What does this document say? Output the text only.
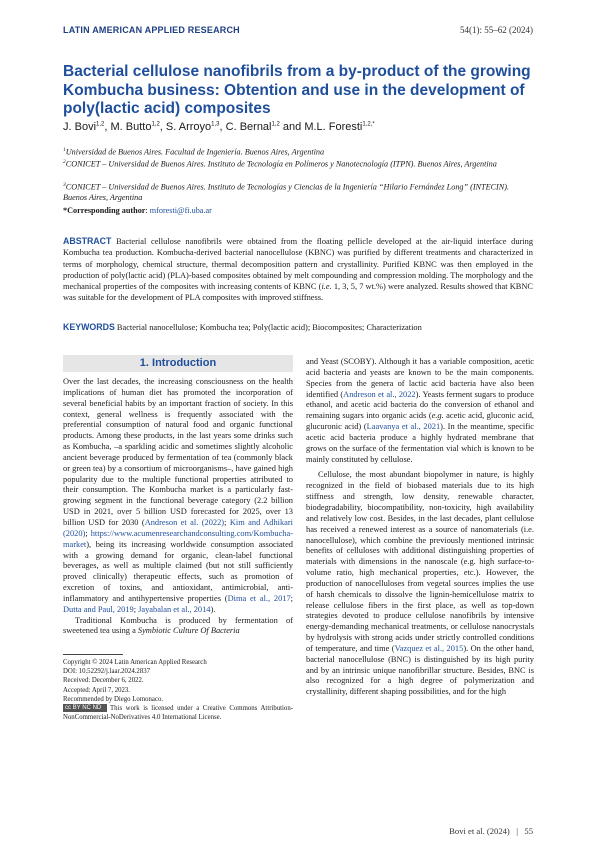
LATIN AMERICAN APPLIED RESEARCH	54(1): 55–62 (2024)
Bacterial cellulose nanofibrils from a by-product of the growing Kombucha business: Obtention and use in the development of poly(lactic acid) composites
J. Bovi$^{1,2}$, M. Butto$^{1,2}$, S. Arroyo$^{1,3}$, C. Bernal$^{1,2}$ and M.L. Foresti$^{1,2,*}$
$^1$Universidad de Buenos Aires. Facultad de Ingeniería. Buenos Aires, Argentina
$^2$CONICET – Universidad de Buenos Aires. Instituto de Tecnología en Polímeros y Nanotecnología (ITPN). Buenos Aires, Argentina
$^3$CONICET – Universidad de Buenos Aires. Instituto de Tecnologías y Ciencias de la Ingeniería “Hilario Fernández Long” (INTECIN). Buenos Aires, Argentina
*Corresponding author: mforesti@fi.uba.ar
ABSTRACT Bacterial cellulose nanofibrils were obtained from the floating pellicle developed at the air-liquid interface during Kombucha tea production. Kombucha-derived bacterial nanocellulose (KBNC) was purified by different treatments and characterized in terms of morphology, chemical structure, thermal decomposition pattern and crystallinity. Purified KBNC was then employed in the production of poly(lactic acid) (PLA)-based composites obtained by melt compounding and compression molding. The morphology and the mechanical properties of the composites with increasing contents of KBNC (i.e. 1, 3, 5, 7 wt.%) were analyzed. Results showed that KBNC was suitable for the development of PLA composites with improved stiffness.
KEYWORDS Bacterial nanocellulose; Kombucha tea; Poly(lactic acid); Biocomposites; Characterization
1. Introduction

Over the last decades, the increasing consciousness on the health implications of human diet has promoted the incorporation of several beneficial habits by an important fraction of society. In this context, general wellness is frequently associated with the preferential consumption of natural food and organic functional products. Among these products, in the last years some drinks such as Kombucha, –a sparkling acidic and sometimes slightly alcoholic ancient beverage produced by fermentation of tea (commonly black or green tea) by a consortium of microorganisms–, have gained high popularity due to the multiple functional properties attributed to their consumption. The Kombucha market is a particularly fast-growing segment in the functional beverage category (2.2 billion USD in 2021, over 5 billion USD forecasted for 2025, over 13 billion USD for 2030 (Andreson et al. (2022); Kim and Adhikari (2020); https://www.acumenresearchandconsulting.com/Kombucha-market), being its increasing worldwide consumption associated with a growing demand for organic, clean-label functional beverages, as well as multiple claimed (but not still sufficiently proved clinically) therapeutic effects, such as promotion of excretion of toxins, and antioxidant, antimicrobial, anti-inflammatory and antihypertensive properties (Dima et al., 2017; Dutta and Paul, 2019; Jayabalan et al., 2014).

Traditional Kombucha is produced by fermentation of sweetened tea using a Symbiotic Culture Of Bacteria

and Yeast (SCOBY). Although it has a variable composition, acetic acid bacteria and yeasts are known to be the main components. Species from the genera of lactic acid bacteria have also been identified (Andreson et al., 2022). Yeasts ferment sugars to produce ethanol, and acetic acid bacteria do the conversion of ethanol and remaining sugars into organic acids (e.g. acetic acid, gluconic acid, glucuronic acid) (Laavanya et al., 2021). In the meantime, specific acetic acid bacteria produce a highly hydrated membrane that grows on the surface of the fermentation vial which is known to be mainly constituted by cellulose.

Cellulose, the most abundant biopolymer in nature, is highly recognized in the field of biobased materials due to its high stiffness and strength, low density, renewable character, biodegradability, biocompatibility, non-toxicity, high availability and relatively low cost. Besides, in the last decades, plant cellulose has received a renewed interest as a source of nanomaterials (i.e. nanocellulose), which combine the previously mentioned intrinsic benefits of celluloses with additional distinguishing properties of materials with dimensions in the nanoscale (e.g. high surface-to-volume ratio, high mechanical properties, etc.). However, the production of nanocelluloses from vegetal sources implies the use of harsh chemicals to dissolve the lignin-hemicellulose matrix to release cellulose fibers in the first place, as well as top-down strategies devoted to produce cellulose nanofibrils by intensive energy-demanding mechanical treatments, or cellulose nanocrystals by hydrolysis with strong acids under strictly controlled conditions of temperature, and time (Vazquez et al., 2015). On the other hand, bacterial nanocellulose (BNC) is distinguished by its high purity and by an intrinsic unique nanofibrillar structure. Besides, BNC is also recognized for a high degree of polymerization and crystallinity, different shaping possibilities, and for the high

Copyright © 2024 Latin American Applied Research
DOI: 10.52292/j.laar.2024.2837
Received: December 6, 2022.
Accepted: April 7, 2023.
Recommended by Diego Lomonaco.
cc BY NC ND This work is licensed under a Creative Commons Attribution-NonCommercial-NoDerivatives 4.0 International License.
Bovi et al. (2024)   |   55
